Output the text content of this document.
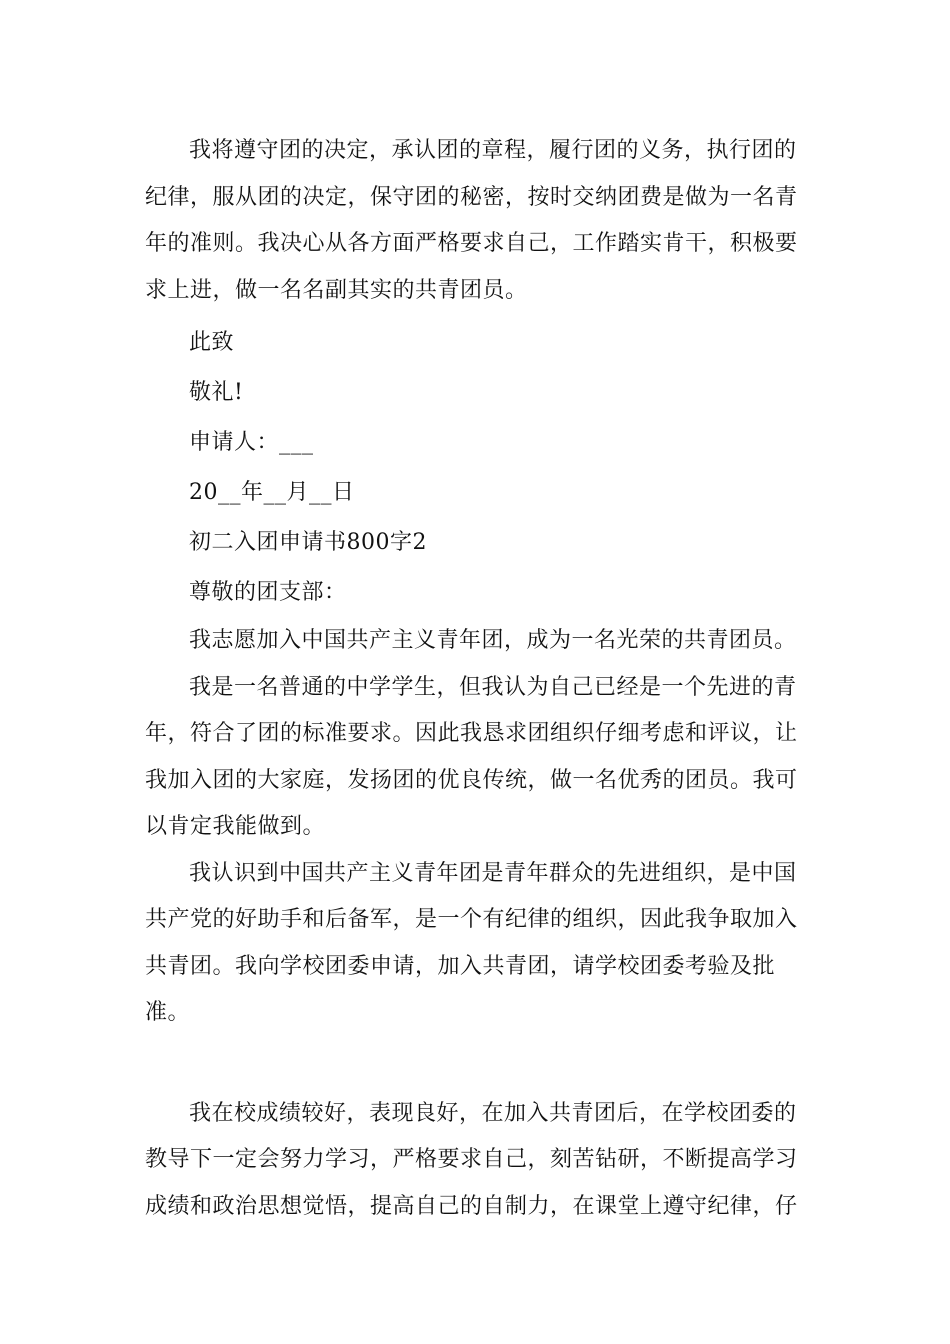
我将遵守团的决定，承认团的章程，履行团的义务，执行团的纪律，服从团的决定，保守团的秘密，按时交纳团费是做为一名青年的准则。我决心从各方面严格要求自己，工作踏实肯干，积极要求上进，做一名名副其实的共青团员。

此致

敬礼!

申请人：___

20__年__月__日

初二入团申请书800字2

尊敬的团支部：

我志愿加入中国共产主义青年团，成为一名光荣的共青团员。

我是一名普通的中学学生，但我认为自己已经是一个先进的青年，符合了团的标准要求。因此我恳求团组织仔细考虑和评议，让我加入团的大家庭，发扬团的优良传统，做一名优秀的团员。我可以肯定我能做到。

我认识到中国共产主义青年团是青年群众的先进组织，是中国共产党的好助手和后备军，是一个有纪律的组织，因此我争取加入共青团。我向学校团委申请，加入共青团，请学校团委考验及批准。

我在校成绩较好，表现良好，在加入共青团后，在学校团委的教导下一定会努力学习，严格要求自己，刻苦钻研，不断提高学习成绩和政治思想觉悟，提高自己的自制力，在课堂上遵守纪律，仔
